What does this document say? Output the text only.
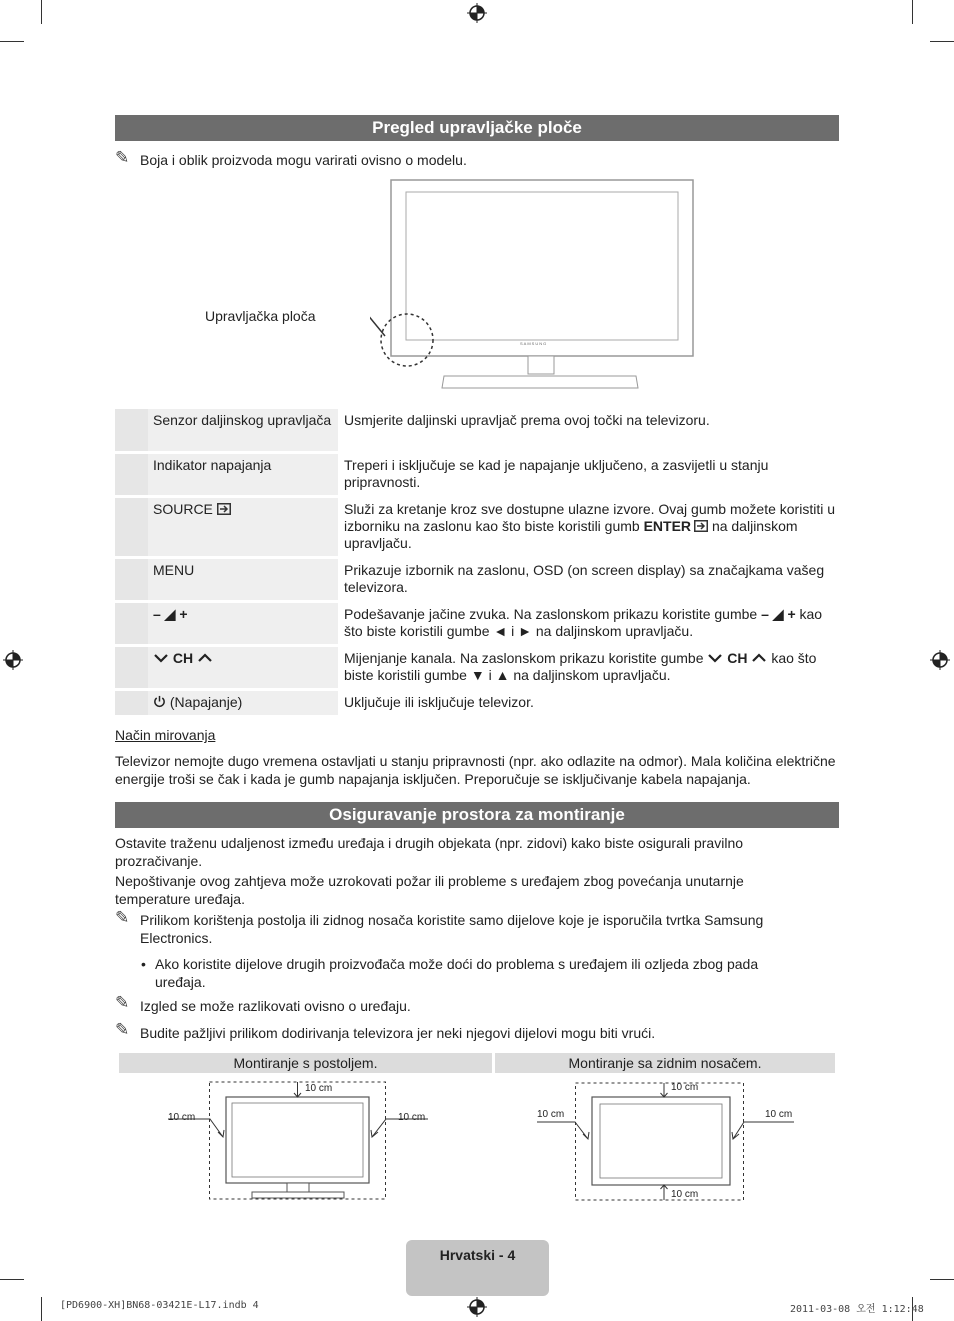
Pregled upravljačke ploče
✎ Boja i oblik proizvoda mogu varirati ovisno o modelu.
SAMSUNG
Upravljačka ploča
	Senzor daljinskog upravljača	Usmjerite daljinski upravljač prema ovoj točki na televizoru.
	Indikator napajanja	Treperi i isključuje se kad je napajanje uključeno, a zasvijetli u stanju pripravnosti.
	SOURCE	Služi za kretanje kroz sve dostupne ulazne izvore. Ovaj gumb možete koristiti u izborniku na zaslonu kao što biste koristili gumb ENTER na daljinskom upravljaču.
	MENU	Prikazuje izbornik na zaslonu, OSD (on screen display) sa značajkama vašeg televizora.
	– ◢ +	Podešavanje jačine zvuka. Na zaslonskom prikazu koristite gumbe – ◢ + kao što biste koristili gumbe ◄ i ► na daljinskom upravljaču.
	CH	Mijenjanje kanala. Na zaslonskom prikazu koristite gumbe CH kao što biste koristili gumbe ▼ i ▲ na daljinskom upravljaču.
	(Napajanje)	Uključuje ili isključuje televizor.
Način mirovanja
Televizor nemojte dugo vremena ostavljati u stanju pripravnosti (npr. ako odlazite na odmor). Mala količina električne energije troši se čak i kada je gumb napajanja isključen. Preporučuje se isključivanje kabela napajanja.
Osiguravanje prostora za montiranje
Ostavite traženu udaljenost između uređaja i drugih objekata (npr. zidovi) kako biste osigurali pravilno prozračivanje.
Nepoštivanje ovog zahtjeva može uzrokovati požar ili probleme s uređajem zbog povećanja unutarnje temperature uređaja.
✎ Prilikom korištenja postolja ili zidnog nosača koristite samo dijelove koje je isporučila tvrtka Samsung Electronics.
• Ako koristite dijelove drugih proizvođača može doći do problema s uređajem ili ozljeda zbog pada uređaja.
✎ Izgled se može razlikovati ovisno o uređaju.
✎ Budite pažljivi prilikom dodirivanja televizora jer neki njegovi dijelovi mogu biti vrući.
Montiranje s postoljem.	Montiranje sa zidnim nosačem.
10 cm
10 cm	10 cm
10 cm
10 cm	10 cm
10 cm
Hrvatski - 4
[PD6900-XH]BN68-03421E-L17.indb 4	2011-03-08 오전 1:12:48
